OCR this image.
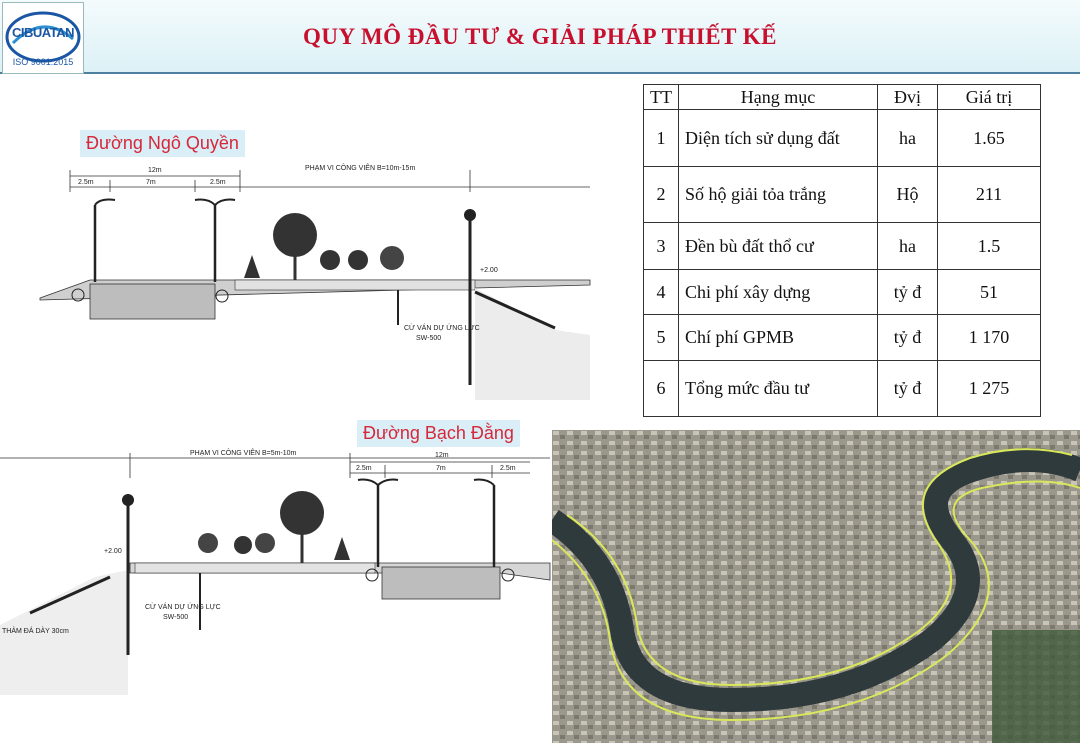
CIBUATAN
ISO 9001:2015
QUY MÔ ĐẦU TƯ & GIẢI PHÁP THIẾT KẾ
Đường Ngô Quyền
Đường Bạch Đằng
12m
2.5m	7m	2.5m
PHẠM VI CÔNG VIÊN B=10m-15m
CỪ VÁN DỰ ỨNG LỰC
SW-500
+2.00
PHẠM VI CÔNG VIÊN B=5m-10m	12m
2.5m	7m	2.5m
CỪ VÁN DỰ ỨNG LỰC
SW-500
+2.00
THẢM ĐÁ DÀY 30cm
TT	Hạng mục	Đvị	Giá trị
1	Diện tích sử dụng đất	ha	1.65
2	Số hộ giải tỏa trắng	Hộ	211
3	Đền bù đất thổ cư	ha	1.5
4	Chi phí xây dựng	tỷ đ	51
5	Chí phí GPMB	tỷ đ	1 170
6	Tổng mức đầu tư	tỷ đ	1 275
